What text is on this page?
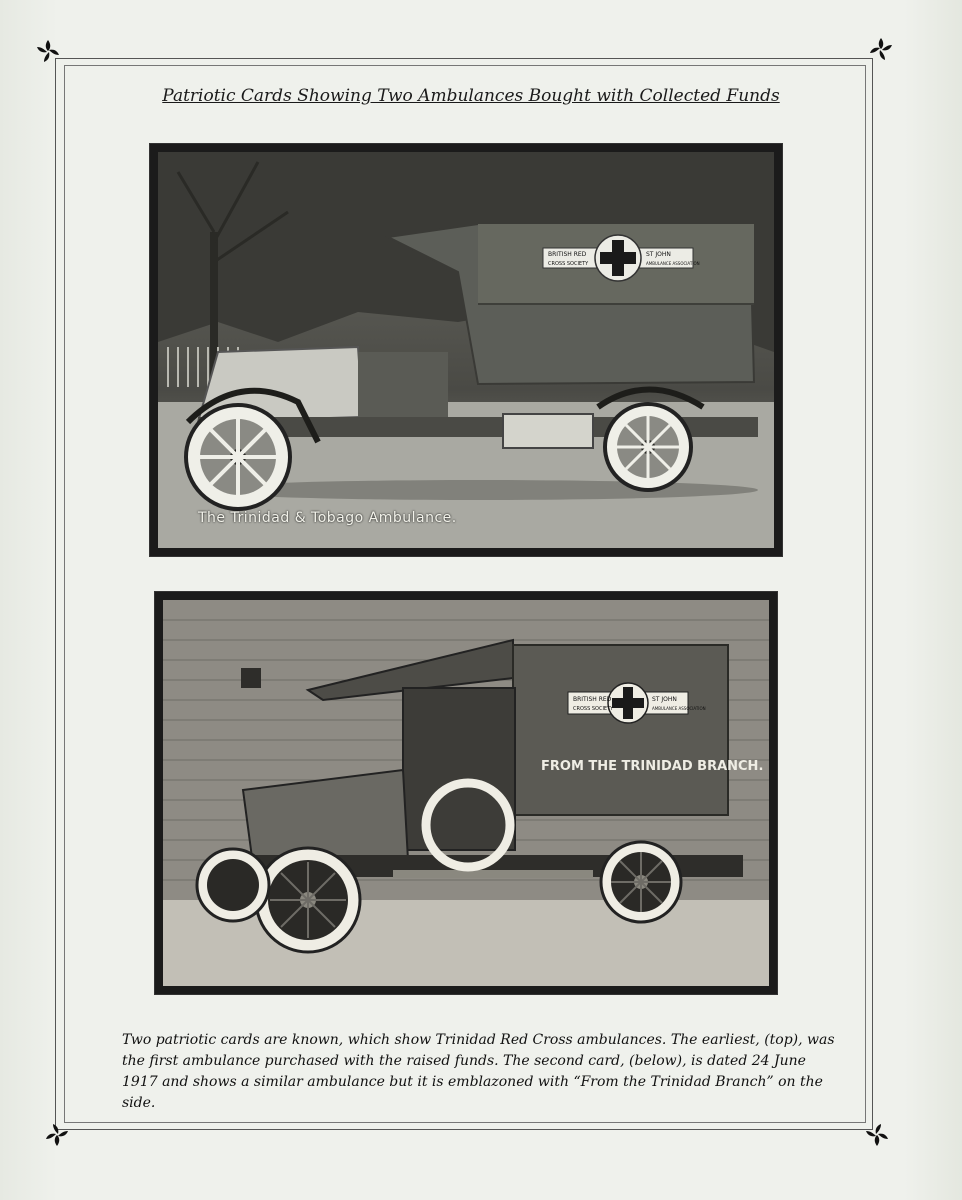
Patriotic Cards Showing Two Ambulances Bought with Collected Funds
BRITISH RED
CROSS SOCIETY
ST JOHN
AMBULANCE ASSOCIATION
The Trinidad & Tobago Ambulance.
BRITISH RED
CROSS SOCIETY
ST JOHN
AMBULANCE ASSOCIATION
FROM THE TRINIDAD BRANCH.
Two patriotic cards are known, which show Trinidad Red Cross ambulances. The earliest, (top), was the first ambulance purchased with the raised funds. The second card, (below), is dated 24 June 1917 and shows a similar ambulance but it is emblazoned with “From the Trinidad Branch” on the side.
